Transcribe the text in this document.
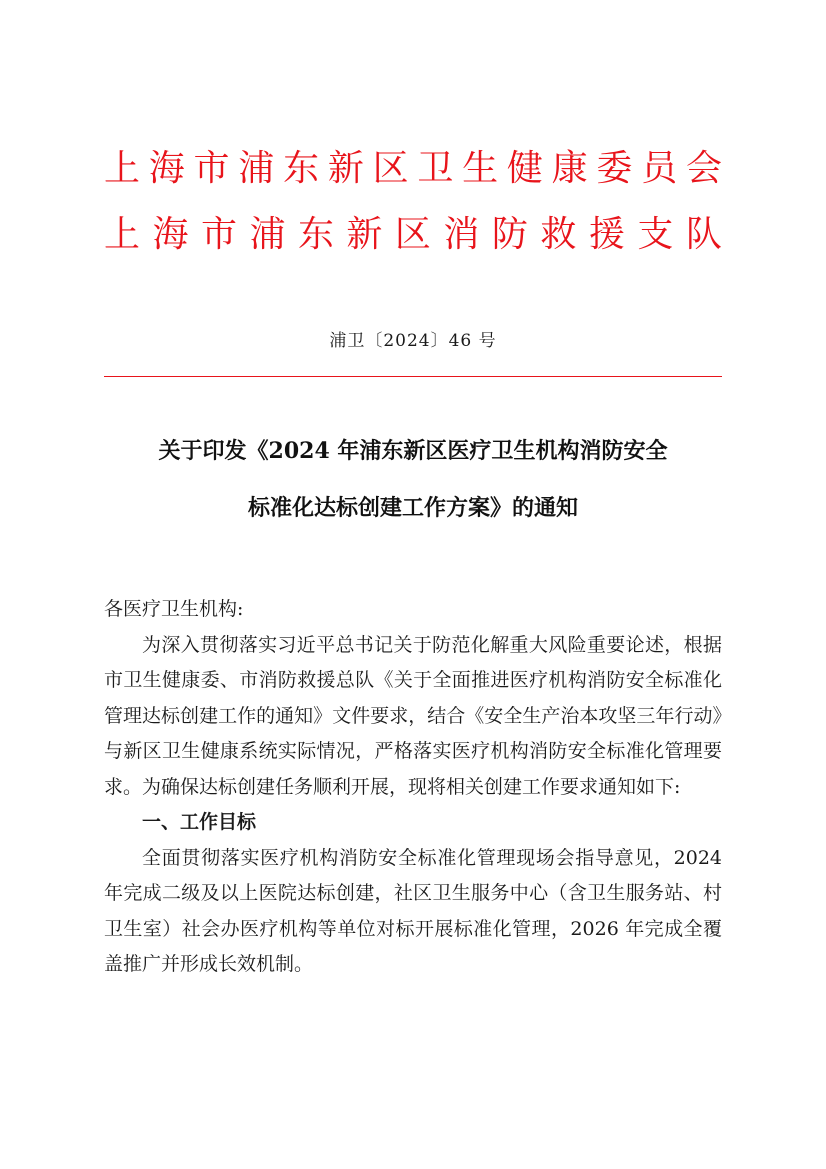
上 海 市 浦 东 新 区 卫 生 健 康 委 员 会
上 海 市 浦 东 新 区 消 防 救 援 支 队
浦卫〔2024〕46 号
关于印发《2024 年浦东新区医疗卫生机构消防安全
标准化达标创建工作方案》的通知

各医疗卫生机构:

为深入贯彻落实习近平总书记关于防范化解重大风险重要论述，根据市卫生健康委、市消防救援总队《关于全面推进医疗机构消防安全标准化管理达标创建工作的通知》文件要求，结合《安全生产治本攻坚三年行动》与新区卫生健康系统实际情况，严格落实医疗机构消防安全标准化管理要求。为确保达标创建任务顺利开展，现将相关创建工作要求通知如下:

一、工作目标

全面贯彻落实医疗机构消防安全标准化管理现场会指导意见，2024 年完成二级及以上医院达标创建，社区卫生服务中心（含卫生服务站、村卫生室）社会办医疗机构等单位对标开展标准化管理，2026 年完成全覆盖推广并形成长效机制。
